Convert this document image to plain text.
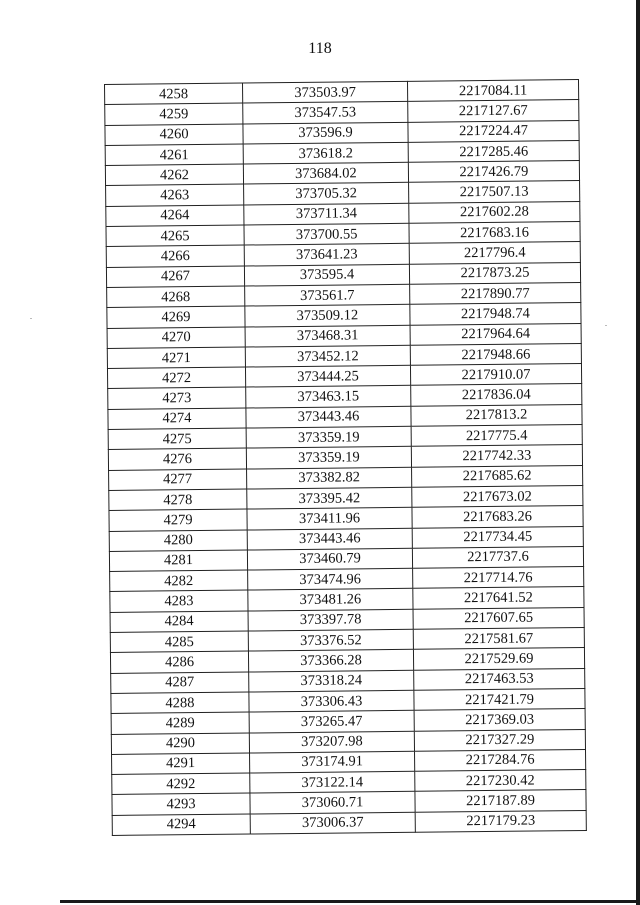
118
4258	373503.97	2217084.11
4259	373547.53	2217127.67
4260	373596.9	2217224.47
4261	373618.2	2217285.46
4262	373684.02	2217426.79
4263	373705.32	2217507.13
4264	373711.34	2217602.28
4265	373700.55	2217683.16
4266	373641.23	2217796.4
4267	373595.4	2217873.25
4268	373561.7	2217890.77
4269	373509.12	2217948.74
4270	373468.31	2217964.64
4271	373452.12	2217948.66
4272	373444.25	2217910.07
4273	373463.15	2217836.04
4274	373443.46	2217813.2
4275	373359.19	2217775.4
4276	373359.19	2217742.33
4277	373382.82	2217685.62
4278	373395.42	2217673.02
4279	373411.96	2217683.26
4280	373443.46	2217734.45
4281	373460.79	2217737.6
4282	373474.96	2217714.76
4283	373481.26	2217641.52
4284	373397.78	2217607.65
4285	373376.52	2217581.67
4286	373366.28	2217529.69
4287	373318.24	2217463.53
4288	373306.43	2217421.79
4289	373265.47	2217369.03
4290	373207.98	2217327.29
4291	373174.91	2217284.76
4292	373122.14	2217230.42
4293	373060.71	2217187.89
4294	373006.37	2217179.23
